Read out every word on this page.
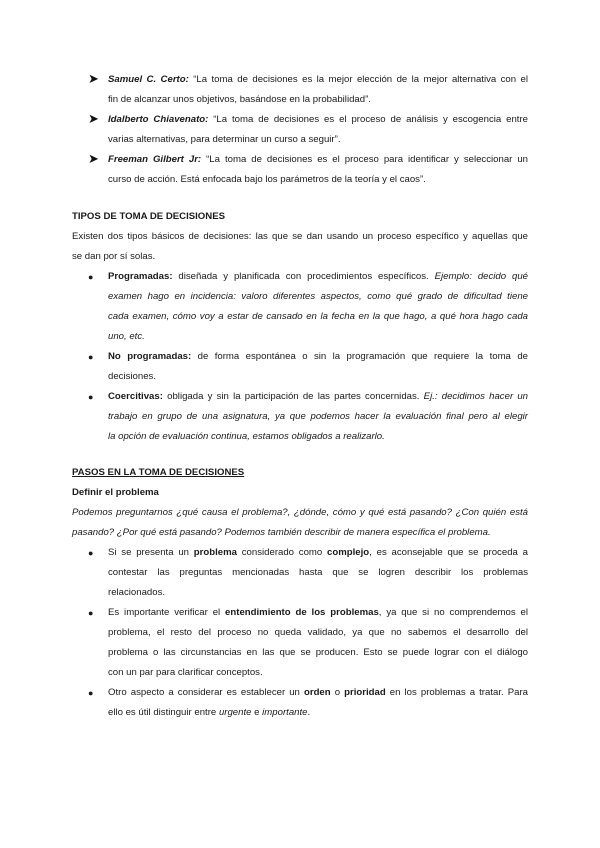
➤ Samuel C. Certo: “La toma de decisiones es la mejor elección de la mejor alternativa con el
fin de alcanzar unos objetivos, basándose en la probabilidad”.
➤ Idalberto Chiavenato: “La toma de decisiones es el proceso de análisis y escogencia entre
varias alternativas, para determinar un curso a seguir”.
➤ Freeman Gilbert Jr: “La toma de decisiones es el proceso para identificar y seleccionar un
curso de acción. Está enfocada bajo los parámetros de la teoría y el caos”.
TIPOS DE TOMA DE DECISIONES
Existen dos tipos básicos de decisiones: las que se dan usando un proceso específico y aquellas que
se dan por sí solas.
● Programadas: diseñada y planificada con procedimientos específicos. Ejemplo: decido qué
examen hago en incidencia: valoro diferentes aspectos, como qué grado de dificultad tiene
cada examen, cómo voy a estar de cansado en la fecha en la que hago, a qué hora hago cada
uno, etc.
● No programadas: de forma espontánea o sin la programación que requiere la toma de
decisiones.
● Coercitivas: obligada y sin la participación de las partes concernidas. Ej.: decidimos hacer un
trabajo en grupo de una asignatura, ya que podemos hacer la evaluación final pero al elegir
la opción de evaluación continua, estamos obligados a realizarlo.
PASOS EN LA TOMA DE DECISIONES
Definir el problema
Podemos preguntarnos ¿qué causa el problema?, ¿dónde, cómo y qué está pasando? ¿Con quién está
pasando? ¿Por qué está pasando? Podemos también describir de manera específica el problema.
● Si se presenta un problema considerado como complejo, es aconsejable que se proceda a
contestar las preguntas mencionadas hasta que se logren describir los problemas
relacionados.
● Es importante verificar el entendimiento de los problemas, ya que si no comprendemos el
problema, el resto del proceso no queda validado, ya que no sabemos el desarrollo del
problema o las circunstancias en las que se producen. Esto se puede lograr con el diálogo
con un par para clarificar conceptos.
● Otro aspecto a considerar es establecer un orden o prioridad en los problemas a tratar. Para
ello es útil distinguir entre urgente e importante.
